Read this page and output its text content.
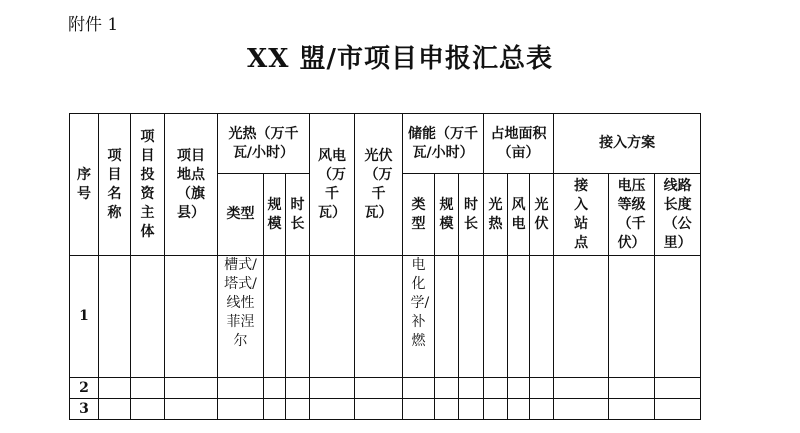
附件 1
XX 盟/市项目申报汇总表
序号	项目名称	项目投资主体	项目地点（旗县）	光热（万千瓦/小时）			风电（万千瓦）	光伏（万千瓦）	储能（万千瓦/小时）			占地面积（亩）			接入方案		

				类型	规模	时长			类型	规模	时长	光热	风电	光伏	接入站点	电压等级（千伏）	线路长度（公里）
1				槽式/塔式/线性菲涅尔					电化学/补燃								
2																	
3																	
